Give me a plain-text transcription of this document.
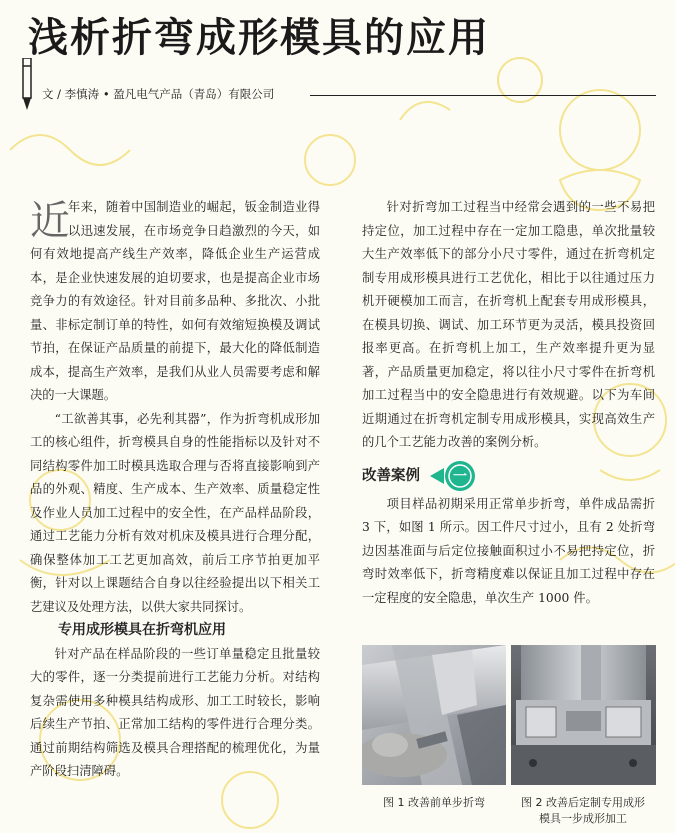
浅析折弯成形模具的应用
文 / 李慎涛 • 盈凡电气产品（青岛）有限公司
近

年来，随着中国制造业的崛起，钣金制造业得以迅速发展，在市场竞争日趋激烈的今天，如何有效地提高产线生产效率，降低企业生产运营成本，是企业快速发展的迫切要求，也是提高企业市场竞争力的有效途径。针对目前多品种、多批次、小批量、非标定制订单的特性，如何有效缩短换模及调试节拍，在保证产品质量的前提下，最大化的降低制造成本，提高生产效率，是我们从业人员需要考虑和解决的一大课题。

“工欲善其事，必先利其器”，作为折弯机成形加工的核心组件，折弯模具自身的性能指标以及针对不同结构零件加工时模具选取合理与否将直接影响到产品的外观、精度、生产成本、生产效率、质量稳定性及作业人员加工过程中的安全性，在产品样品阶段，通过工艺能力分析有效对机床及模具进行合理分配，确保整体加工工艺更加高效，前后工序节拍更加平衡，针对以上课题结合自身以往经验提出以下相关工艺建议及处理方法，以供大家共同探讨。

专用成形模具在折弯机应用

针对产品在样品阶段的一些订单量稳定且批量较大的零件，逐一分类提前进行工艺能力分析。对结构复杂需使用多种模具结构成形、加工工时较长，影响后续生产节拍、正常加工结构的零件进行合理分类。通过前期结构筛选及模具合理搭配的梳理优化，为量产阶段扫清障碍。

针对折弯加工过程当中经常会遇到的一些不易把持定位，加工过程中存在一定加工隐患，单次批量较大生产效率低下的部分小尺寸零件，通过在折弯机定制专用成形模具进行工艺优化，相比于以往通过压力机开硬模加工而言，在折弯机上配套专用成形模具，在模具切换、调试、加工环节更为灵活，模具投资回报率更高。在折弯机上加工，生产效率提升更为显著，产品质量更加稳定，将以往小尺寸零件在折弯机加工过程当中的安全隐患进行有效规避。以下为车间近期通过在折弯机定制专用成形模具，实现高效生产的几个工艺能力改善的案例分析。

改善案例 一

项目样品初期采用正常单步折弯，单件成品需折 3 下，如图 1 所示。因工件尺寸过小，且有 2 处折弯边因基准面与后定位接触面积过小不易把持定位，折弯时效率低下，折弯精度难以保证且加工过程中存在一定程度的安全隐患，单次生产 1000 件。

图 1 改善前单步折弯	图 2 改善后定制专用成形
模具一步成形加工
